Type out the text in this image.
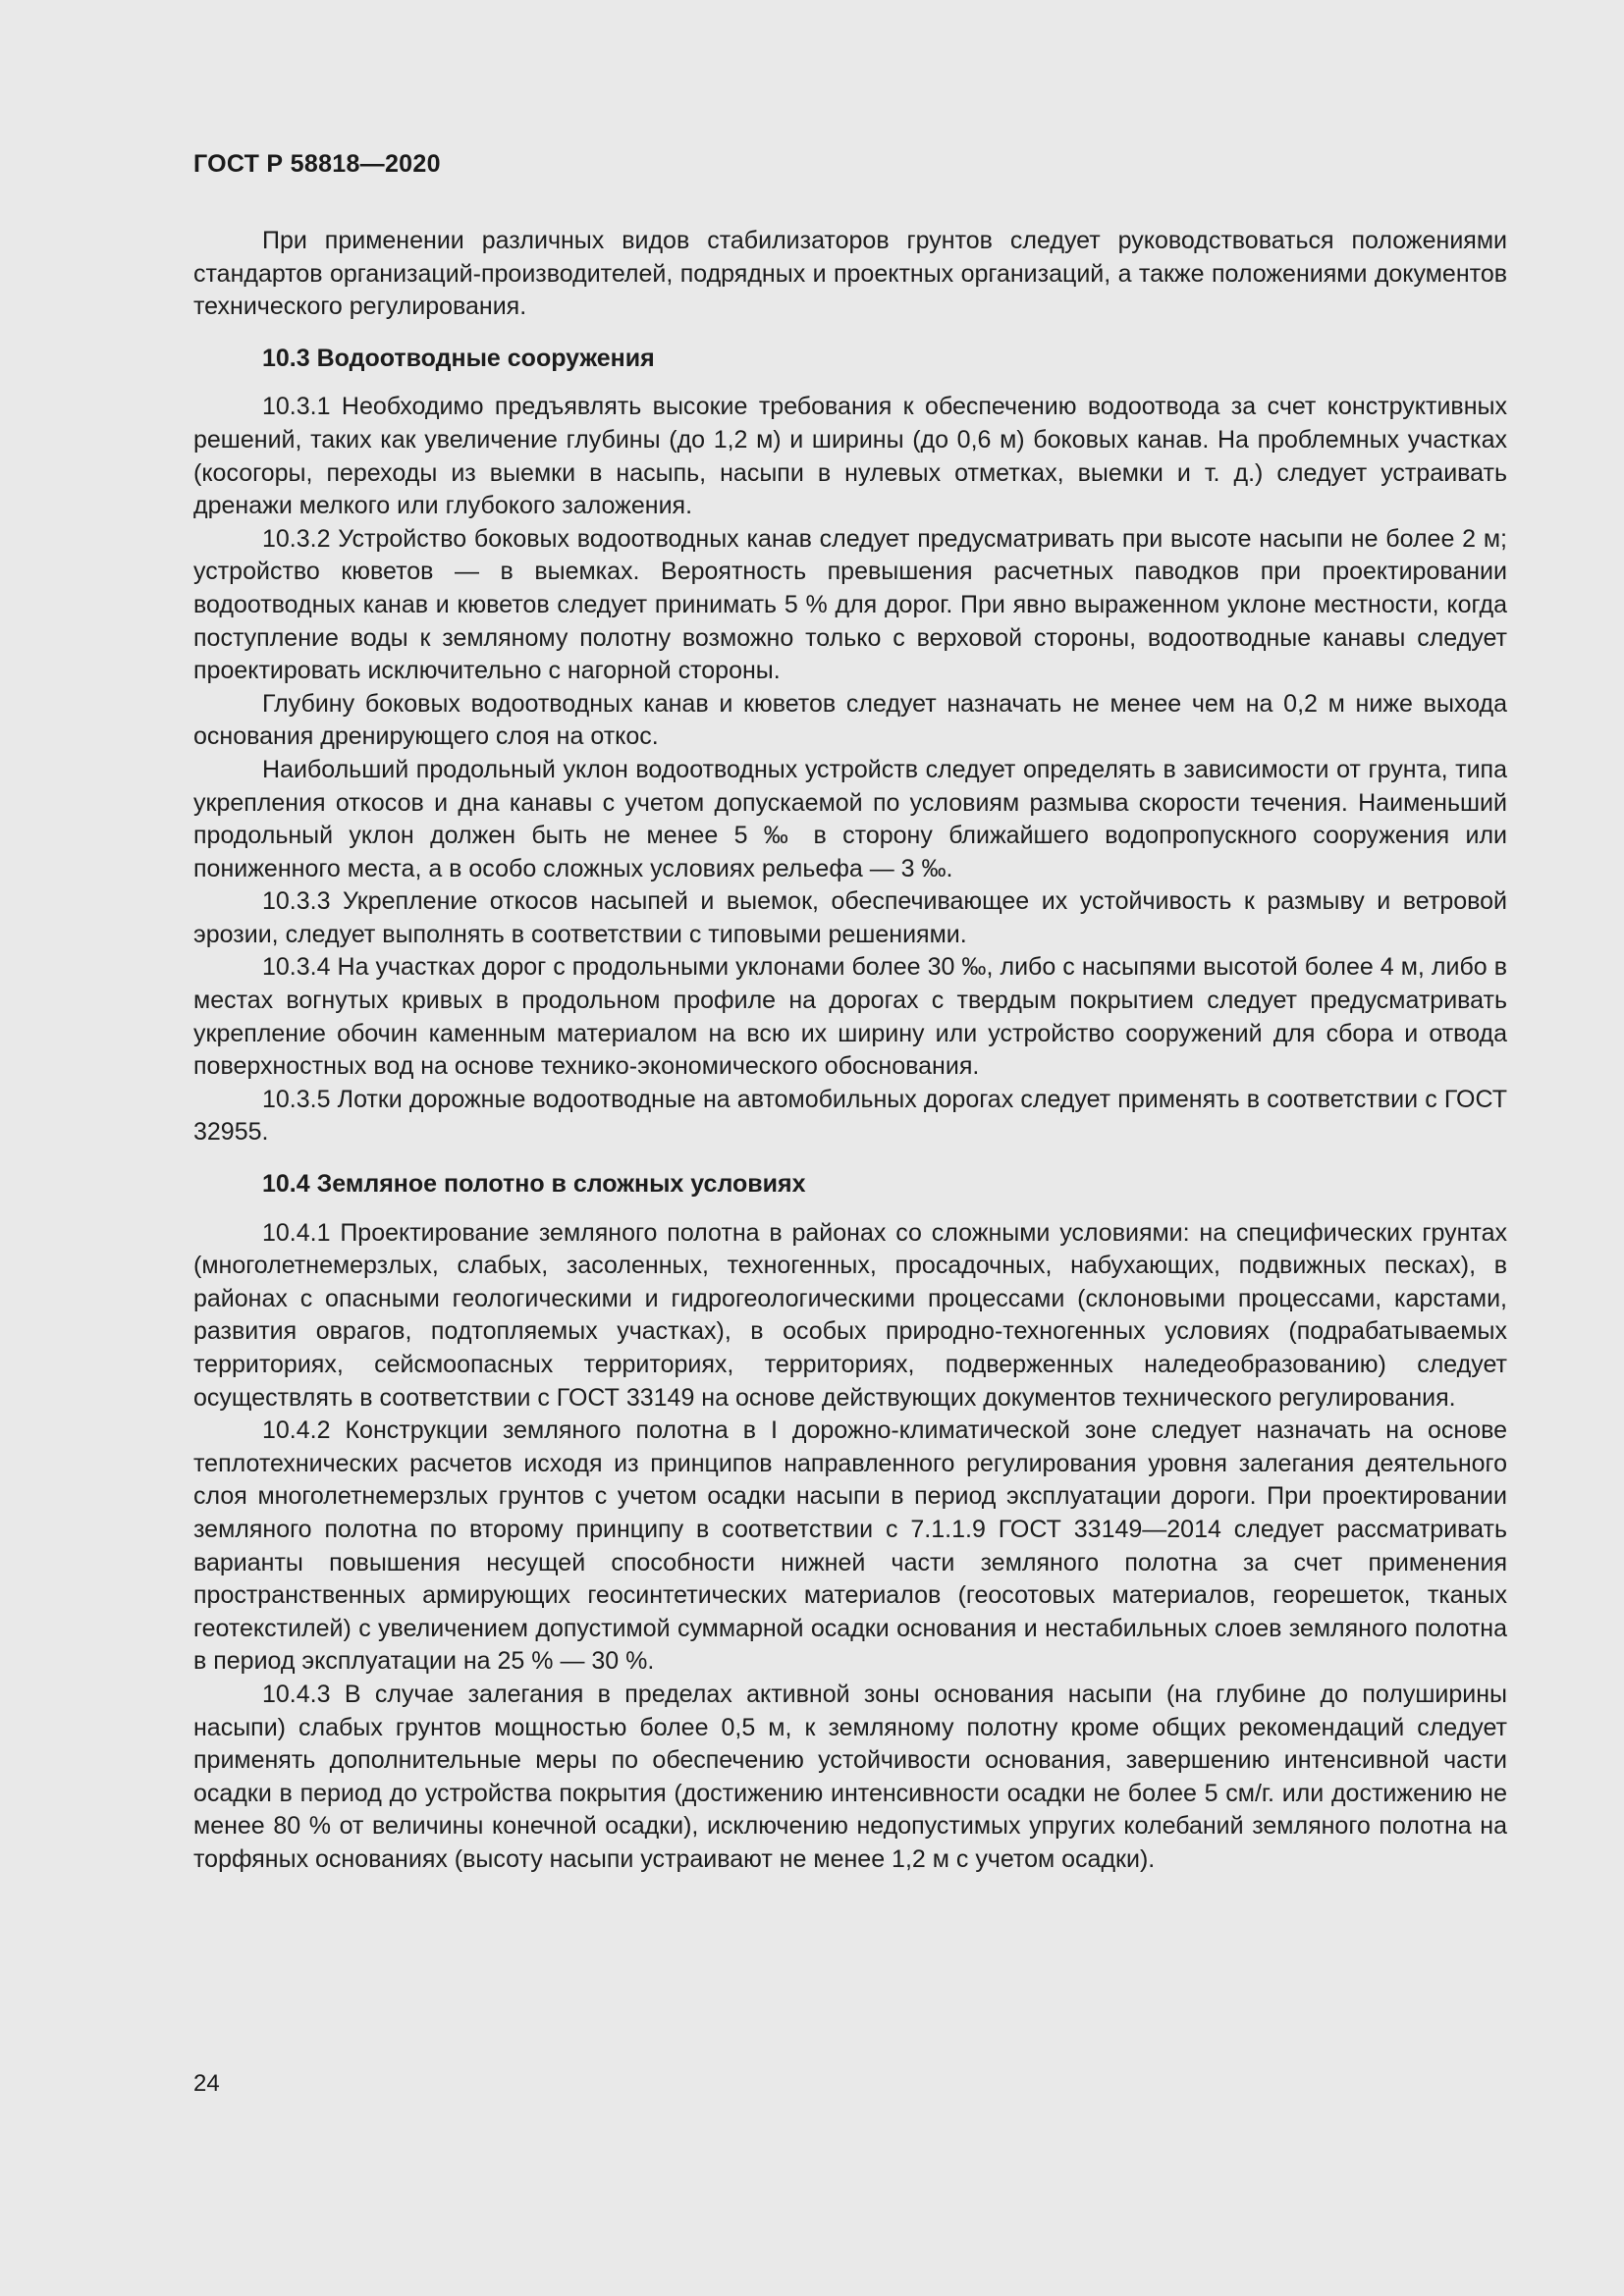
ГОСТ Р 58818—2020

При применении различных видов стабилизаторов грунтов следует руководствоваться положениями стандартов организаций-производителей, подрядных и проектных организаций, а также положениями документов технического регулирования.

10.3 Водоотводные сооружения

10.3.1 Необходимо предъявлять высокие требования к обеспечению водоотвода за счет конструктивных решений, таких как увеличение глубины (до 1,2 м) и ширины (до 0,6 м) боковых канав. На проблемных участках (косогоры, переходы из выемки в насыпь, насыпи в нулевых отметках, выемки и т. д.) следует устраивать дренажи мелкого или глубокого заложения.

10.3.2 Устройство боковых водоотводных канав следует предусматривать при высоте насыпи не более 2 м; устройство кюветов — в выемках. Вероятность превышения расчетных паводков при проектировании водоотводных канав и кюветов следует принимать 5 % для дорог. При явно выраженном уклоне местности, когда поступление воды к земляному полотну возможно только с верховой стороны, водоотводные канавы следует проектировать исключительно с нагорной стороны.

Глубину боковых водоотводных канав и кюветов следует назначать не менее чем на 0,2 м ниже выхода основания дренирующего слоя на откос.

Наибольший продольный уклон водоотводных устройств следует определять в зависимости от грунта, типа укрепления откосов и дна канавы с учетом допускаемой по условиям размыва скорости течения. Наименьший продольный уклон должен быть не менее 5 ‰ в сторону ближайшего водопропускного сооружения или пониженного места, а в особо сложных условиях рельефа — 3 ‰.

10.3.3 Укрепление откосов насыпей и выемок, обеспечивающее их устойчивость к размыву и ветровой эрозии, следует выполнять в соответствии с типовыми решениями.

10.3.4 На участках дорог с продольными уклонами более 30 ‰, либо с насыпями высотой более 4 м, либо в местах вогнутых кривых в продольном профиле на дорогах с твердым покрытием следует предусматривать укрепление обочин каменным материалом на всю их ширину или устройство сооружений для сбора и отвода поверхностных вод на основе технико-экономического обоснования.

10.3.5 Лотки дорожные водоотводные на автомобильных дорогах следует применять в соответствии с ГОСТ 32955.

10.4 Земляное полотно в сложных условиях

10.4.1 Проектирование земляного полотна в районах со сложными условиями: на специфических грунтах (многолетнемерзлых, слабых, засоленных, техногенных, просадочных, набухающих, подвижных песках), в районах с опасными геологическими и гидрогеологическими процессами (склоновыми процессами, карстами, развития оврагов, подтопляемых участках), в особых природно-техногенных условиях (подрабатываемых территориях, сейсмоопасных территориях, территориях, подверженных наледеобразованию) следует осуществлять в соответствии с ГОСТ 33149 на основе действующих документов технического регулирования.

10.4.2 Конструкции земляного полотна в I дорожно-климатической зоне следует назначать на основе теплотехнических расчетов исходя из принципов направленного регулирования уровня залегания деятельного слоя многолетнемерзлых грунтов с учетом осадки насыпи в период эксплуатации дороги. При проектировании земляного полотна по второму принципу в соответствии с 7.1.1.9 ГОСТ 33149—2014 следует рассматривать варианты повышения несущей способности нижней части земляного полотна за счет применения пространственных армирующих геосинтетических материалов (геосотовых материалов, георешеток, тканых геотекстилей) с увеличением допустимой суммарной осадки основания и нестабильных слоев земляного полотна в период эксплуатации на 25 % — 30 %.

10.4.3 В случае залегания в пределах активной зоны основания насыпи (на глубине до полуширины насыпи) слабых грунтов мощностью более 0,5 м, к земляному полотну кроме общих рекомендаций следует применять дополнительные меры по обеспечению устойчивости основания, завершению интенсивной части осадки в период до устройства покрытия (достижению интенсивности осадки не более 5 см/г. или достижению не менее 80 % от величины конечной осадки), исключению недопустимых упругих колебаний земляного полотна на торфяных основаниях (высоту насыпи устраивают не менее 1,2 м с учетом осадки).

24
